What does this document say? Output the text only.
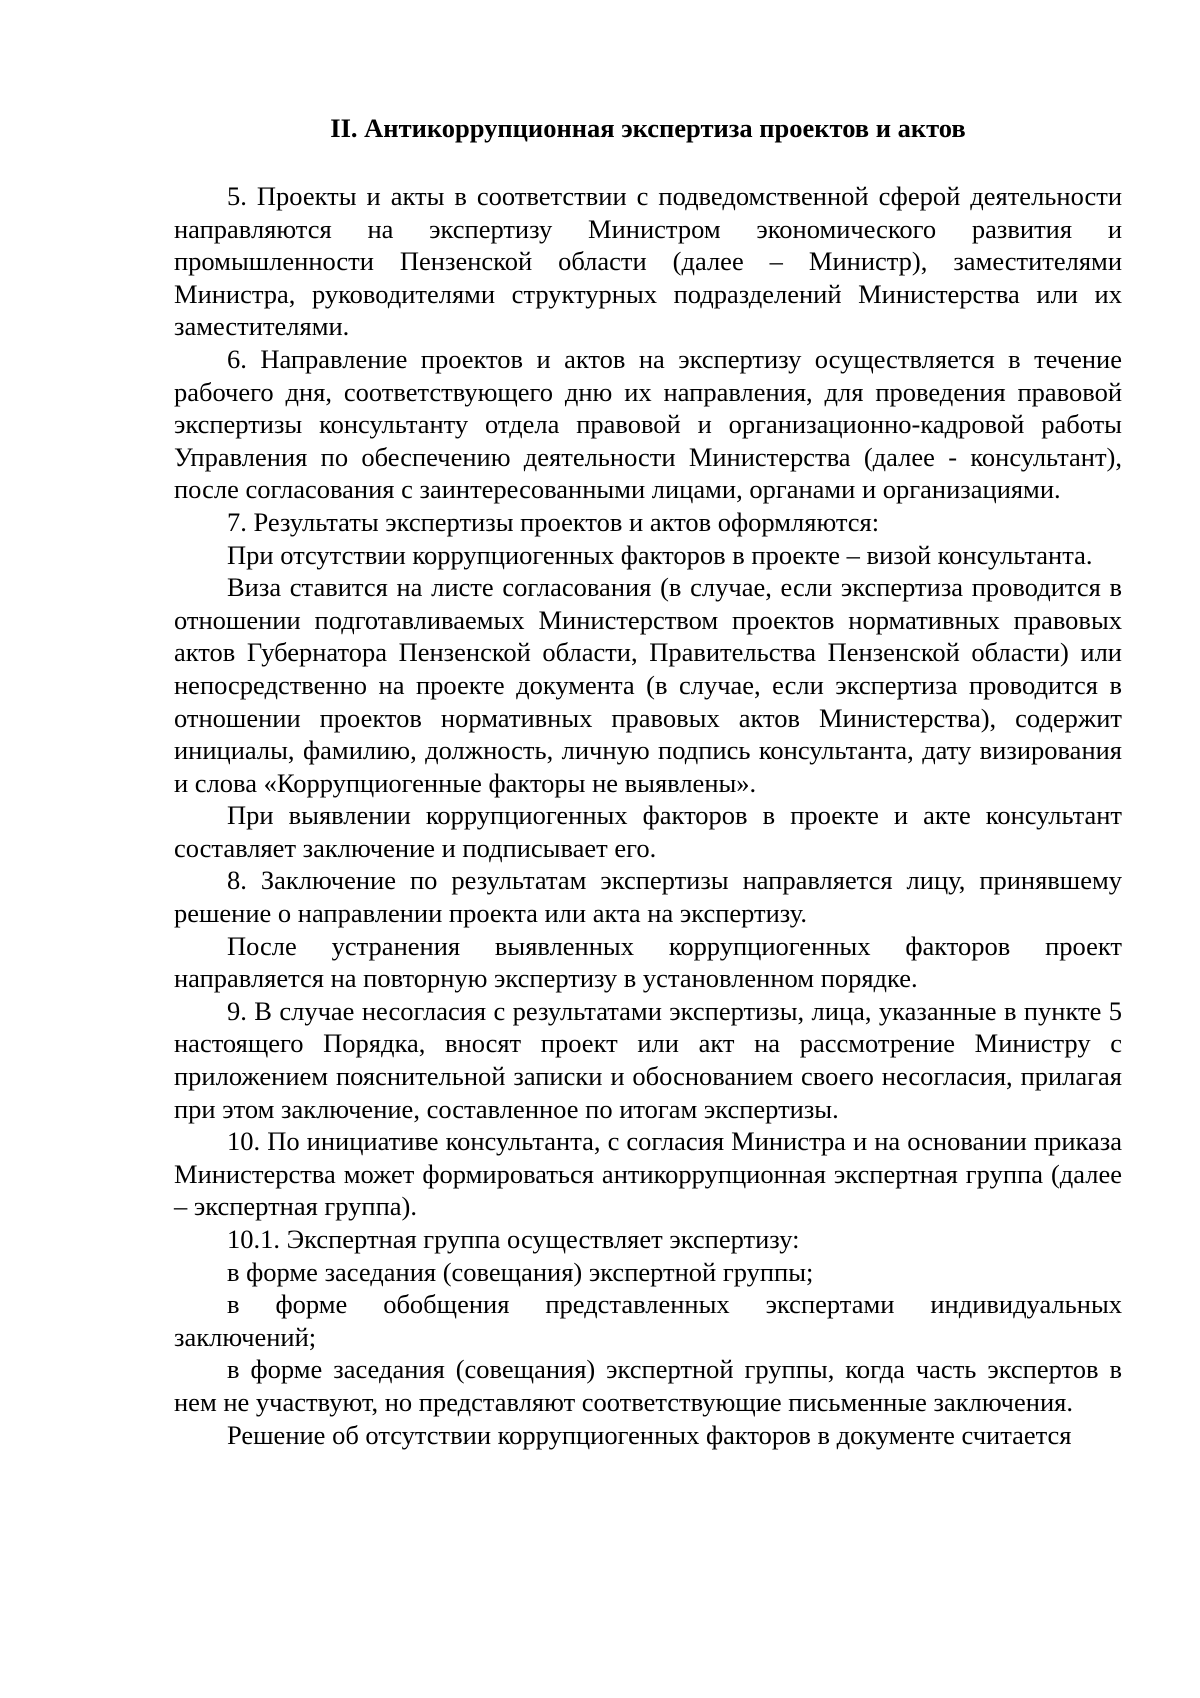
II. Антикоррупционная экспертиза проектов и актов

5. Проекты и акты в соответствии с подведомственной сферой деятельности направляются на экспертизу Министром экономического развития и промышленности Пензенской области (далее – Министр), заместителями Министра, руководителями структурных подразделений Министерства или их заместителями.

6. Направление проектов и актов на экспертизу осуществляется в течение рабочего дня, соответствующего дню их направления, для проведения правовой экспертизы консультанту отдела правовой и организационно-кадровой работы Управления по обеспечению деятельности Министерства (далее - консультант), после согласования с заинтересованными лицами, органами и организациями.

7. Результаты экспертизы проектов и актов оформляются:

При отсутствии коррупциогенных факторов в проекте – визой консультанта.

Виза ставится на листе согласования (в случае, если экспертиза проводится в отношении подготавливаемых Министерством проектов нормативных правовых актов Губернатора Пензенской области, Правительства Пензенской области) или непосредственно на проекте документа (в случае, если экспертиза проводится в отношении проектов нормативных правовых актов Министерства), содержит инициалы, фамилию, должность, личную подпись консультанта, дату визирования и слова «Коррупциогенные факторы не выявлены».

При выявлении коррупциогенных факторов в проекте и акте консультант составляет заключение и подписывает его.

8. Заключение по результатам экспертизы направляется лицу, принявшему решение о направлении проекта или акта на экспертизу.

После устранения выявленных коррупциогенных факторов проект направляется на повторную экспертизу в установленном порядке.

9. В случае несогласия с результатами экспертизы, лица, указанные в пункте 5 настоящего Порядка, вносят проект или акт на рассмотрение Министру с приложением пояснительной записки и обоснованием своего несогласия, прилагая при этом заключение, составленное по итогам экспертизы.

10. По инициативе консультанта, с согласия Министра и на основании приказа Министерства может формироваться антикоррупционная экспертная группа (далее – экспертная группа).

10.1. Экспертная группа осуществляет экспертизу:

в форме заседания (совещания) экспертной группы;

в форме обобщения представленных экспертами индивидуальных заключений;

в форме заседания (совещания) экспертной группы, когда часть экспертов в нем не участвуют, но представляют соответствующие письменные заключения.

Решение об отсутствии коррупциогенных факторов в документе считается
